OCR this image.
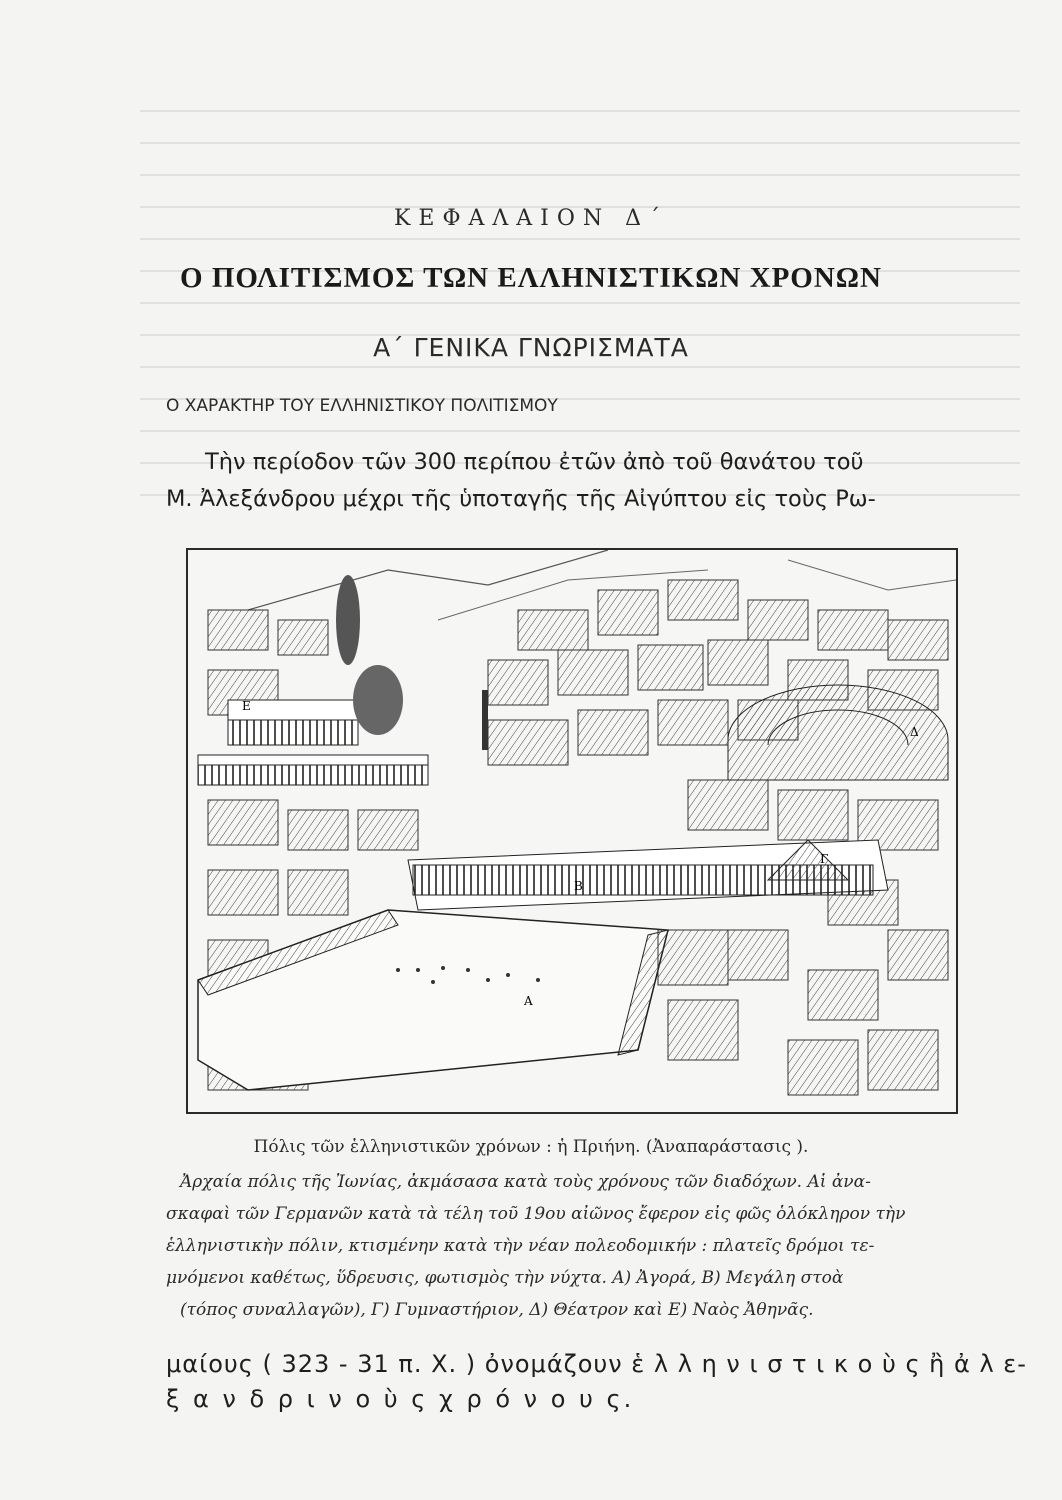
ΚΕΦΑΛΑΙΟΝ Δ΄
Ο ΠΟΛΙΤΙΣΜΟΣ ΤΩΝ ΕΛΛΗΝΙΣΤΙΚΩΝ ΧΡΟΝΩΝ
Α΄ ΓΕΝΙΚΑ ΓΝΩΡΙΣΜΑΤΑ
Ο ΧΑΡΑΚΤΗΡ ΤΟΥ ΕΛΛΗΝΙΣΤΙΚΟΥ ΠΟΛΙΤΙΣΜΟΥ
Τὴν περίοδον τῶν 300 περίπου ἐτῶν ἀπὸ τοῦ θανάτου τοῦ
Μ. Ἀλεξάνδρου μέχρι τῆς ὑποταγῆς τῆς Αἰγύπτου εἰς τοὺς Ρω-
Ε
Δ
Β
Α
Γ
Πόλις τῶν ἑλληνιστικῶν χρόνων : ἡ Πριήνη. (Ἀναπαράστασις ).
Ἀρχαία πόλις τῆς Ἰωνίας, ἀκμάσασα κατὰ τοὺς χρόνους τῶν διαδόχων. Αἱ ἀνα-
σκαφαὶ τῶν Γερμανῶν κατὰ τὰ τέλη τοῦ 19ου αἰῶνος ἔφερον εἰς φῶς ὁλόκληρον τὴν
ἑλληνιστικὴν πόλιν, κτισμένην κατὰ τὴν νέαν πολεοδομικήν : πλατεῖς δρόμοι τε-
μνόμενοι καθέτως, ὕδρευσις, φωτισμὸς τὴν νύχτα. Α) Ἀγορά, Β) Μεγάλη στοὰ
(τόπος συναλλαγῶν), Γ) Γυμναστήριον, Δ) Θέατρον καὶ Ε) Ναὸς Ἀθηνᾶς.
μαίους ( 323 - 31 π. Χ. ) ὀνομάζουν ἑ λ λ η ν ι σ τ ι κ ο ὺ ς ἢ ἀ λ ε-
ξ α ν δ ρ ι ν ο ὺ ς χ ρ ό ν ο υ ς.
